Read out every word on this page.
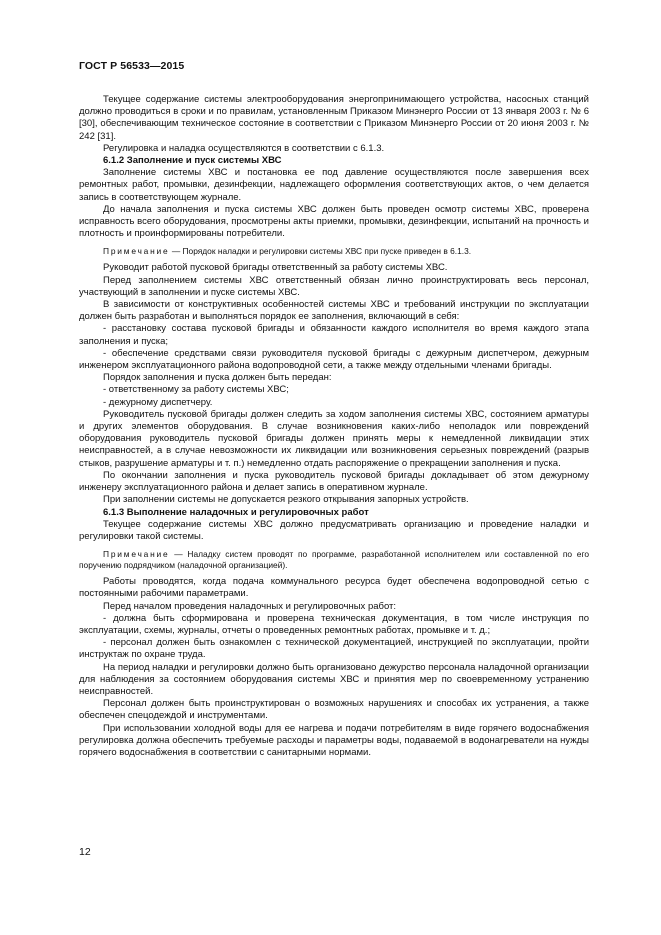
ГОСТ Р 56533—2015

Текущее содержание системы электрооборудования энергопринимающего устройства, насосных станций должно проводиться в сроки и по правилам, установленным Приказом Минэнерго России от 13 января 2003 г. № 6 [30], обеспечивающим техническое состояние в соответствии с Приказом Минэнерго России от 20 июня 2003 г. № 242 [31].

Регулировка и наладка осуществляются в соответствии с 6.1.3.

6.1.2 Заполнение и пуск системы ХВС

Заполнение системы ХВС и постановка ее под давление осуществляются после завершения всех ремонтных работ, промывки, дезинфекции, надлежащего оформления соответствующих актов, о чем делается запись в соответствующем журнале.

До начала заполнения и пуска системы ХВС должен быть проведен осмотр системы ХВС, проверена исправность всего оборудования, просмотрены акты приемки, промывки, дезинфекции, испытаний на прочность и плотность и проинформированы потребители.

Примечание — Порядок наладки и регулировки системы ХВС при пуске приведен в 6.1.3.

Руководит работой пусковой бригады ответственный за работу системы ХВС.

Перед заполнением системы ХВС ответственный обязан лично проинструктировать весь персонал, участвующий в заполнении и пуске системы ХВС.

В зависимости от конструктивных особенностей системы ХВС и требований инструкции по эксплуатации должен быть разработан и выполняться порядок ее заполнения, включающий в себя:

- расстановку состава пусковой бригады и обязанности каждого исполнителя во время каждого этапа заполнения и пуска;

- обеспечение средствами связи руководителя пусковой бригады с дежурным диспетчером, дежурным инженером эксплуатационного района водопроводной сети, а также между отдельными членами бригады.

Порядок заполнения и пуска должен быть передан:

- ответственному за работу системы ХВС;

- дежурному диспетчеру.

Руководитель пусковой бригады должен следить за ходом заполнения системы ХВС, состоянием арматуры и других элементов оборудования. В случае возникновения каких-либо неполадок или повреждений оборудования руководитель пусковой бригады должен принять меры к немедленной ликвидации этих неисправностей, а в случае невозможности их ликвидации или возникновения серьезных повреждений (разрыв стыков, разрушение арматуры и т. п.) немедленно отдать распоряжение о прекращении заполнения и пуска.

По окончании заполнения и пуска руководитель пусковой бригады докладывает об этом дежурному инженеру эксплуатационного района и делает запись в оперативном журнале.

При заполнении системы не допускается резкого открывания запорных устройств.

6.1.3 Выполнение наладочных и регулировочных работ

Текущее содержание системы ХВС должно предусматривать организацию и проведение наладки и регулировки такой системы.

Примечание — Наладку систем проводят по программе, разработанной исполнителем или составленной по его поручению подрядчиком (наладочной организацией).

Работы проводятся, когда подача коммунального ресурса будет обеспечена водопроводной сетью с постоянными рабочими параметрами.

Перед началом проведения наладочных и регулировочных работ:

- должна быть сформирована и проверена техническая документация, в том числе инструкция по эксплуатации, схемы, журналы, отчеты о проведенных ремонтных работах, промывке и т. д.;

- персонал должен быть ознакомлен с технической документацией, инструкцией по эксплуатации, пройти инструктаж по охране труда.

На период наладки и регулировки должно быть организовано дежурство персонала наладочной организации для наблюдения за состоянием оборудования системы ХВС и принятия мер по своевременному устранению неисправностей.

Персонал должен быть проинструктирован о возможных нарушениях и способах их устранения, а также обеспечен спецодеждой и инструментами.

При использовании холодной воды для ее нагрева и подачи потребителям в виде горячего водоснабжения регулировка должна обеспечить требуемые расходы и параметры воды, подаваемой в водонагреватели на нужды горячего водоснабжения в соответствии с санитарными нормами.

12
